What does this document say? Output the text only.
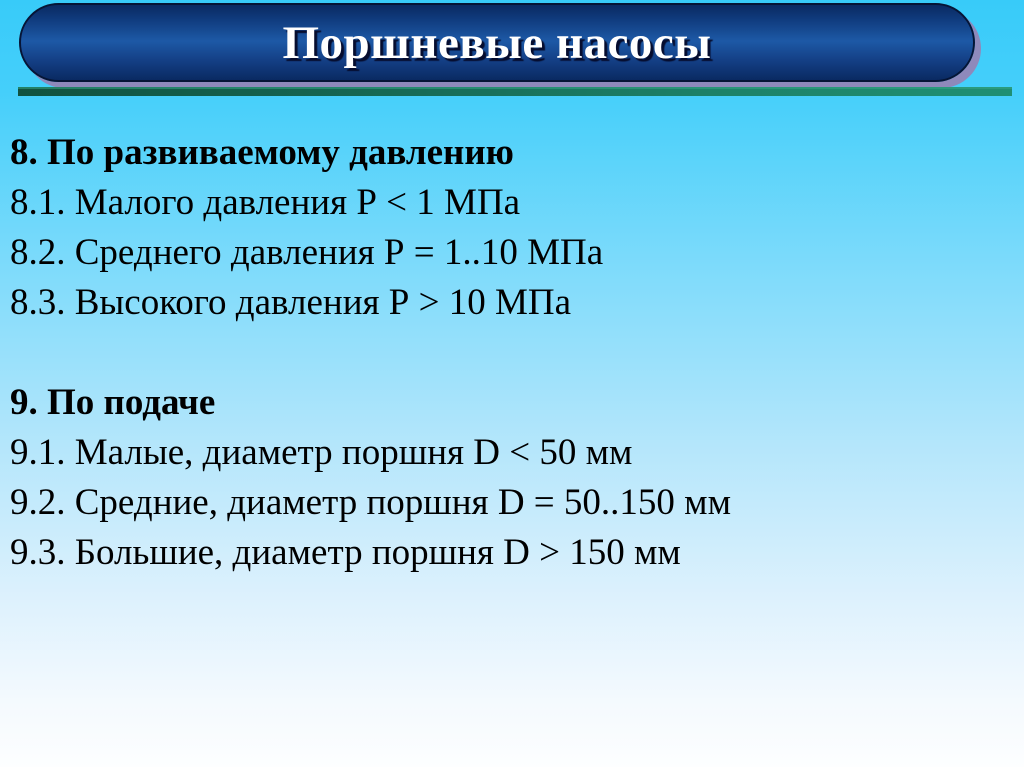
Поршневые насосы
8. По развиваемому давлению
8.1. Малого давления Р < 1 МПа
8.2. Среднего давления Р = 1..10 МПа
8.3. Высокого давления Р > 10 МПа
9. По подаче
9.1. Малые, диаметр поршня D < 50 мм
9.2. Средние, диаметр поршня D = 50..150 мм
9.3. Большие, диаметр поршня D > 150 мм
